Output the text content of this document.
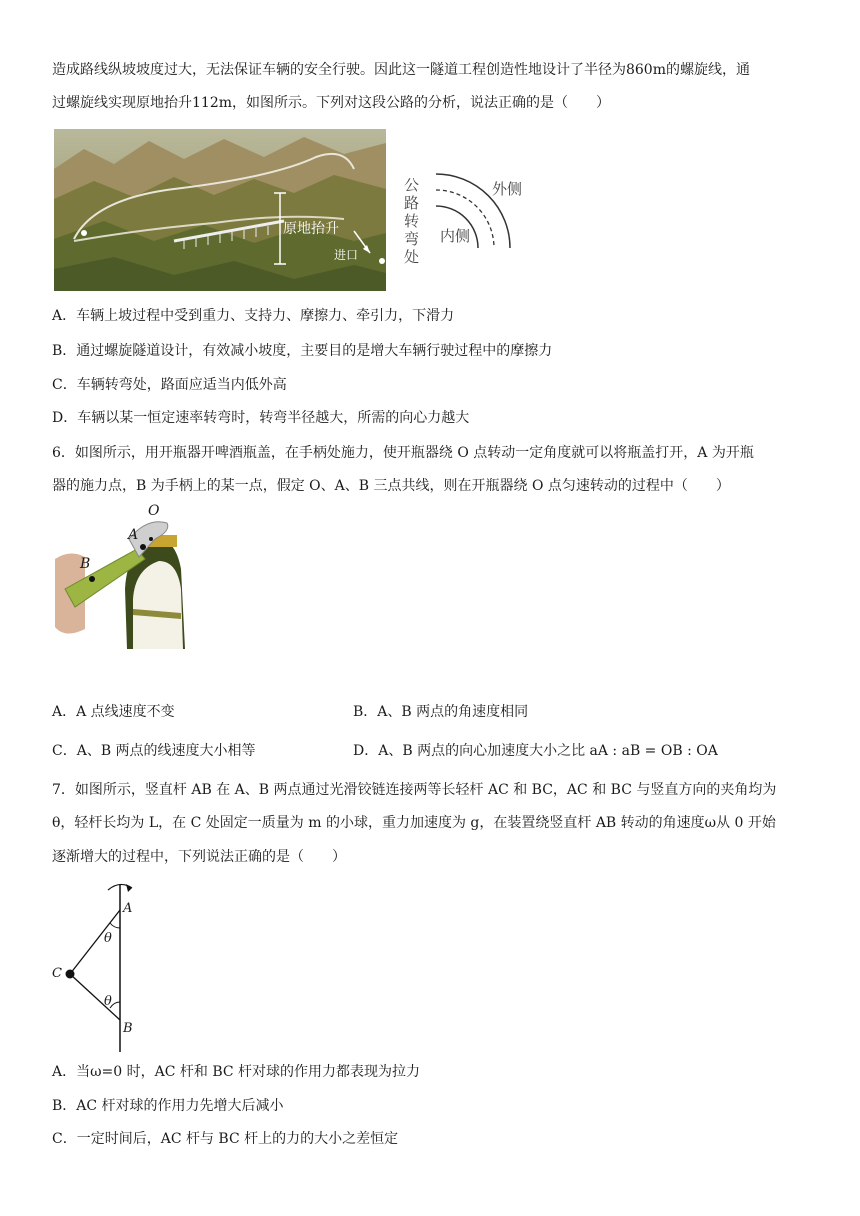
造成路线纵坡坡度过大，无法保证车辆的安全行驶。因此这一隧道工程创造性地设计了半径为860m的螺旋线，通
过螺旋线实现原地抬升112m，如图所示。下列对这段公路的分析，说法正确的是（　　）
原地抬升
进口
公路转弯处
外侧
内侧
A．车辆上坡过程中受到重力、支持力、摩擦力、牵引力，下滑力
B．通过螺旋隧道设计，有效减小坡度，主要目的是增大车辆行驶过程中的摩擦力
C．车辆转弯处，路面应适当内低外高
D．车辆以某一恒定速率转弯时，转弯半径越大，所需的向心力越大
6．如图所示，用开瓶器开啤酒瓶盖，在手柄处施力，使开瓶器绕 O 点转动一定角度就可以将瓶盖打开，A 为开瓶
器的施力点，B 为手柄上的某一点，假定 O、A、B 三点共线，则在开瓶器绕 O 点匀速转动的过程中（　　）
O
A
B
A．A 点线速度不变	B．A、B 两点的角速度相同
C．A、B 两点的线速度大小相等	D．A、B 两点的向心加速度大小之比 aA : aB = OB : OA
7．如图所示，竖直杆 AB 在 A、B 两点通过光滑铰链连接两等长轻杆 AC 和 BC，AC 和 BC 与竖直方向的夹角均为
θ，轻杆长均为 L，在 C 处固定一质量为 m 的小球，重力加速度为 g，在装置绕竖直杆 AB 转动的角速度ω从 0 开始
逐渐增大的过程中，下列说法正确的是（　　）
A
B
C
θ
θ
A．当ω=0 时，AC 杆和 BC 杆对球的作用力都表现为拉力
B．AC 杆对球的作用力先增大后减小
C．一定时间后，AC 杆与 BC 杆上的力的大小之差恒定
